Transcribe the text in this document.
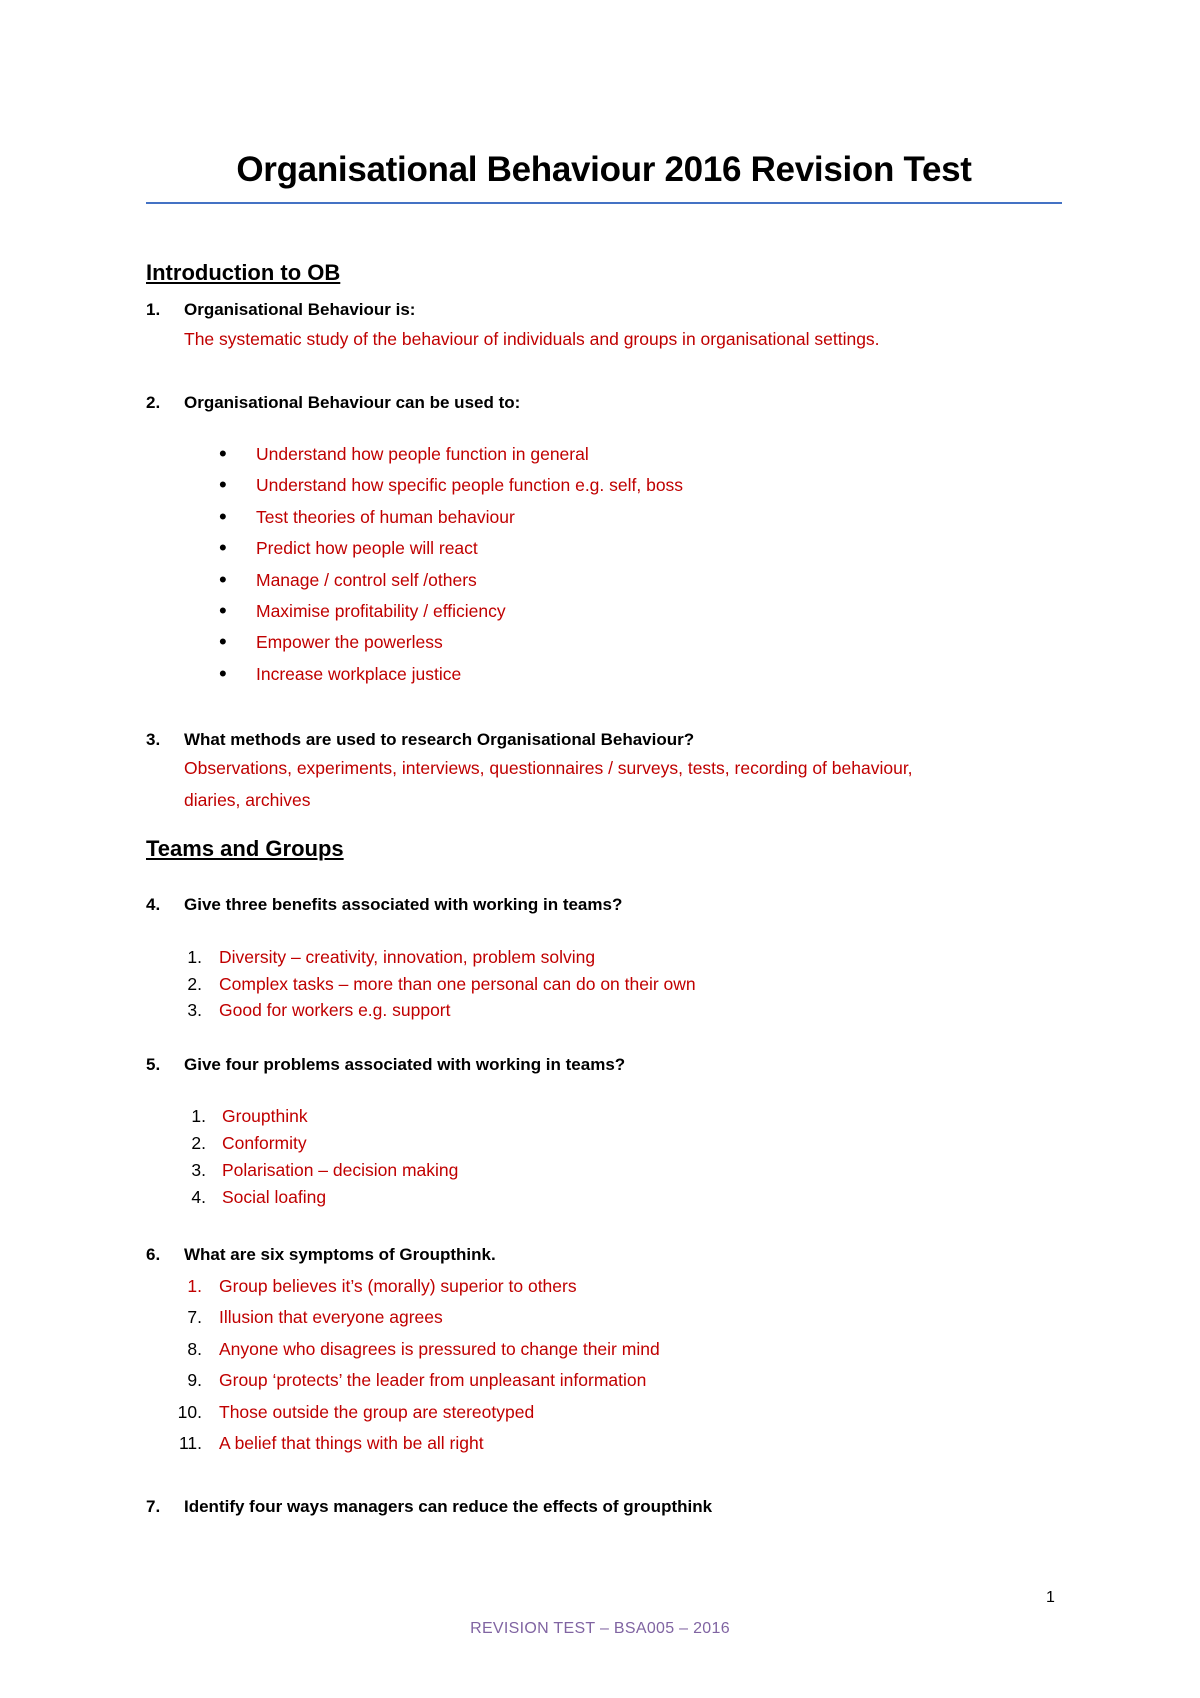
Organisational Behaviour 2016 Revision Test
Introduction to OB
1.	Organisational Behaviour is:
The systematic study of the behaviour of individuals and groups in organisational settings.
2.	Organisational Behaviour can be used to:
• Understand how people function in general
• Understand how specific people function e.g. self, boss
• Test theories of human behaviour
• Predict how people will react
• Manage / control self /others
• Maximise profitability / efficiency
• Empower the powerless
• Increase workplace justice
3.	What methods are used to research Organisational Behaviour?
Observations, experiments, interviews, questionnaires / surveys, tests, recording of behaviour,
diaries, archives
Teams and Groups
4.	Give three benefits associated with working in teams?
1. Diversity – creativity, innovation, problem solving
2. Complex tasks – more than one personal can do on their own
3. Good for workers e.g. support
5.	Give four problems associated with working in teams?
1. Groupthink
2. Conformity
3. Polarisation – decision making
4. Social loafing
6.	What are six symptoms of Groupthink.
1. Group believes it’s (morally) superior to others
7. Illusion that everyone agrees
8. Anyone who disagrees is pressured to change their mind
9. Group ‘protects’ the leader from unpleasant information
10. Those outside the group are stereotyped
11. A belief that things with be all right
7.	Identify four ways managers can reduce the effects of groupthink
1
REVISION TEST – BSA005 – 2016
